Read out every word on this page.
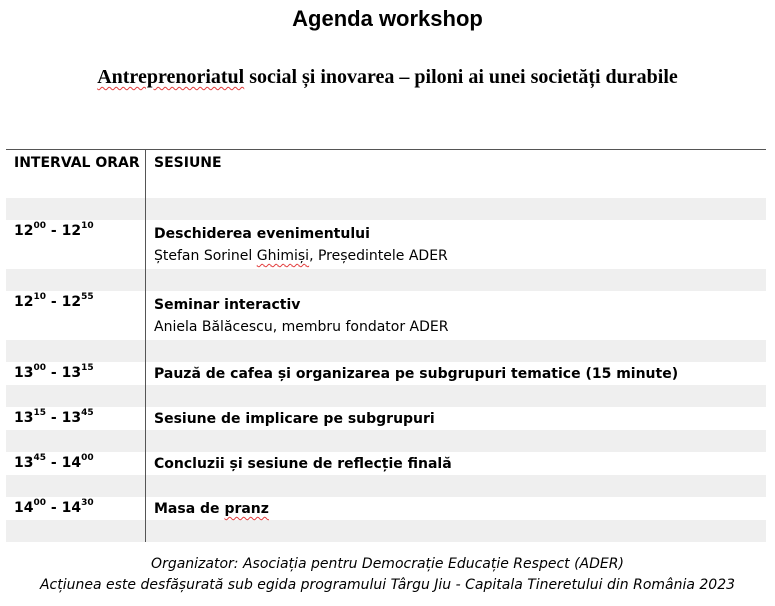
Agenda workshop
Antreprenoriatul social și inovarea – piloni ai unei societăți durabile
INTERVAL ORAR	SESIUNE

$12^{00} - 12^{10}$	Deschiderea evenimentului
Ștefan Sorinel Ghimiși, Președintele ADER

$12^{10} - 12^{55}$	Seminar interactiv
Aniela Bălăcescu, membru fondator ADER

$13^{00} - 13^{15}$	Pauză de cafea și organizarea pe subgrupuri tematice (15 minute)

$13^{15} - 13^{45}$	Sesiune de implicare pe subgrupuri

$13^{45} - 14^{00}$	Concluzii și sesiune de reflecție finală

$14^{00} - 14^{30}$	Masa de pranz

Organizator: Asociația pentru Democrație Educație Respect (ADER)
Acțiunea este desfășurată sub egida programului Târgu Jiu - Capitala Tineretului din România 2023
